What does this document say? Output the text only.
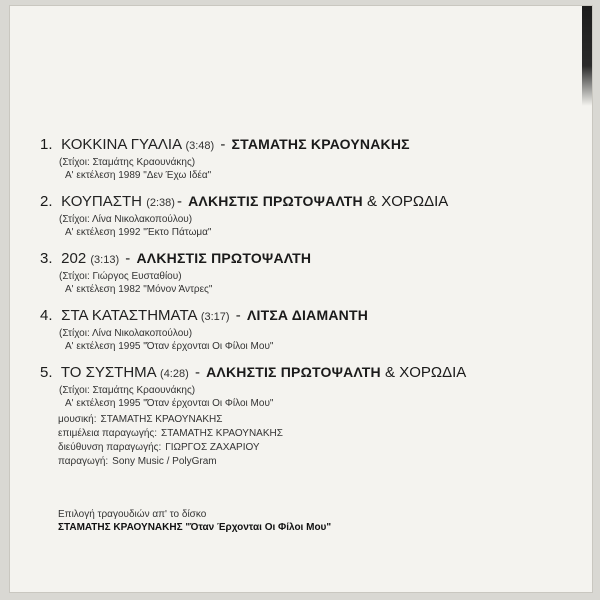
1. ΚΟΚΚΙΝΑ ΓΥΑΛΙΑ (3:48) - ΣΤΑΜΑΤΗΣ ΚΡΑΟΥΝΑΚΗΣ
(Στίχοι: Σταμάτης Κραουνάκης)
Α' εκτέλεση 1989 "Δεν Έχω Ιδέα"
2. ΚΟΥΠΑΣΤΗ (2:38) - ΑΛΚΗΣΤΙΣ ΠΡΩΤΟΨΑΛΤΗ & ΧΟΡΩΔΙΑ
(Στίχοι: Λίνα Νικολακοπούλου)
Α' εκτέλεση 1992 "Έκτο Πάτωμα"
3. 202 (3:13) - ΑΛΚΗΣΤΙΣ ΠΡΩΤΟΨΑΛΤΗ
(Στίχοι: Γιώργος Ευσταθίου)
Α' εκτέλεση 1982 "Μόνον Άντρες"
4. ΣΤΑ ΚΑΤΑΣΤΗΜΑΤΑ (3:17) - ΛΙΤΣΑ ΔΙΑΜΑΝΤΗ
(Στίχοι: Λίνα Νικολακοπούλου)
Α' εκτέλεση 1995 "Όταν έρχονται Οι Φίλοι Μου"
5. ΤΟ ΣΥΣΤΗΜΑ (4:28) - ΑΛΚΗΣΤΙΣ ΠΡΩΤΟΨΑΛΤΗ & ΧΟΡΩΔΙΑ
(Στίχοι: Σταμάτης Κραουνάκης)
Α' εκτέλεση 1995 "Όταν έρχονται Οι Φίλοι Μου"
μουσική: ΣΤΑΜΑΤΗΣ ΚΡΑΟΥΝΑΚΗΣ
επιμέλεια παραγωγής: ΣΤΑΜΑΤΗΣ ΚΡΑΟΥΝΑΚΗΣ
διεύθυνση παραγωγής: ΓΙΩΡΓΟΣ ΖΑΧΑΡΙΟΥ
παραγωγή: Sony Music / PolyGram
Επιλογή τραγουδιών απ' το δίσκο
ΣΤΑΜΑΤΗΣ ΚΡΑΟΥΝΑΚΗΣ "Όταν Έρχονται Οι Φίλοι Μου"
